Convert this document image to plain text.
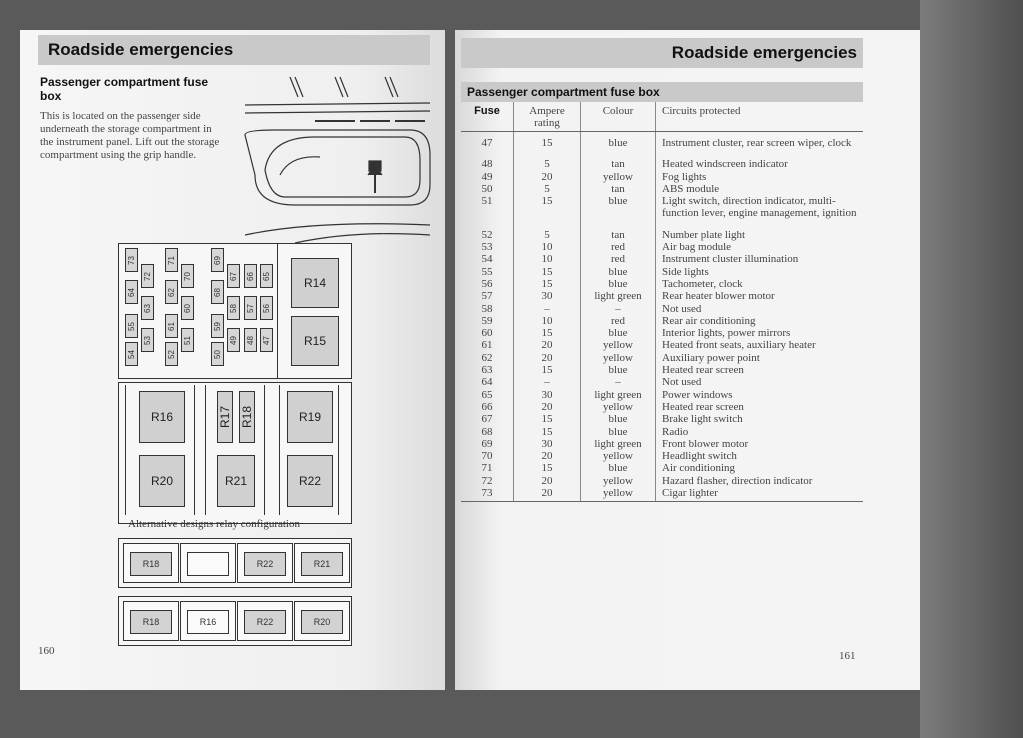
Roadside emergencies
Passenger compartment fuse box
This is located on the passenger side underneath the storage compartment in the instrument panel. Lift out the storage compartment using the grip handle.
73
64
55
54
72
63
53
71
62
61
52
70
60
51
69
68
59
50
67
58
49
66
57
48
65
56
47
R14
R15
R16	R17 R18	R19
R20	R21	R22
Alternative designs relay configuration
R18	R22	R21
R18	R16	R22	R20
160
Roadside emergencies
Passenger compartment fuse box
Fuse	Ampere rating	Colour	Circuits protected
47	15	blue	Instrument cluster, rear screen wiper, clock
48	5	tan	Heated windscreen indicator
49	20	yellow	Fog lights
50	5	tan	ABS module
51	15	blue	Light switch, direction indicator, multi-function lever, engine management, ignition
52	5	tan	Number plate light
53	10	red	Air bag module
54	10	red	Instrument cluster illumination
55	15	blue	Side lights
56	15	blue	Tachometer, clock
57	30	light green	Rear heater blower motor
58	–	–	Not used
59	10	red	Rear air conditioning
60	15	blue	Interior lights, power mirrors
61	20	yellow	Heated front seats, auxiliary heater
62	20	yellow	Auxiliary power point
63	15	blue	Heated rear screen
64	–	–	Not used
65	30	light green	Power windows
66	20	yellow	Heated rear screen
67	15	blue	Brake light switch
68	15	blue	Radio
69	30	light green	Front blower motor
70	20	yellow	Headlight switch
71	15	blue	Air conditioning
72	20	yellow	Hazard flasher, direction indicator
73	20	yellow	Cigar lighter
161
